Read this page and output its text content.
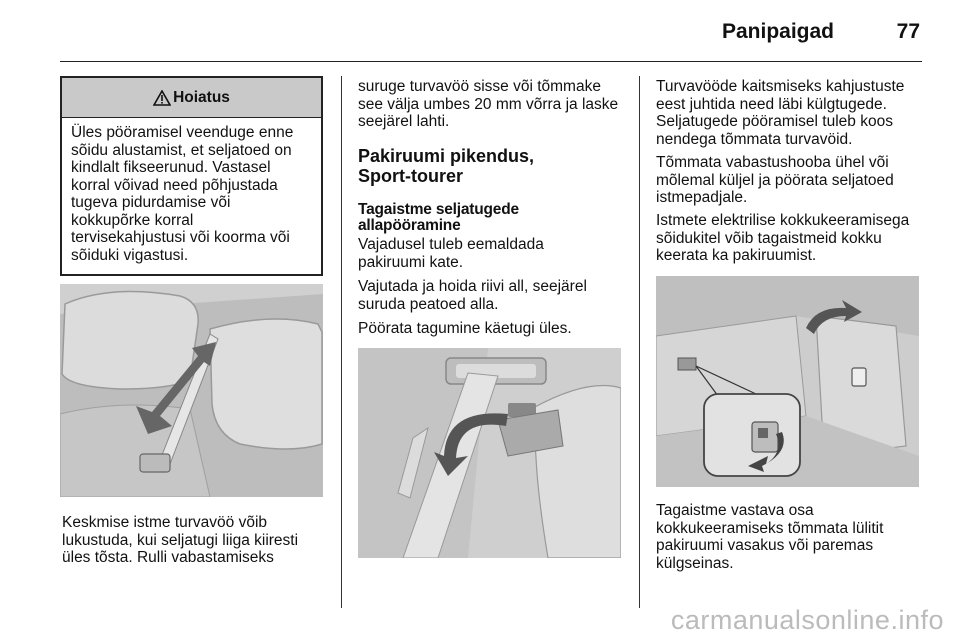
Panipaigad	77
Hoiatus
Üles pööramisel veenduge enne
sõidu alustamist, et seljatoed on
kindlalt fikseerunud. Vastasel
korral võivad need põhjustada
tugeva pidurdamise või
kokkupõrke korral
tervisekahjustusi või koorma või
sõiduki vigastusi.
Keskmise istme turvavöö võib
lukustuda, kui seljatugi liiga kiiresti
üles tõsta. Rulli vabastamiseks
suruge turvavöö sisse või tõmmake
see välja umbes 20 mm võrra ja laske
seejärel lahti.
Pakiruumi pikendus,
Sport-tourer
Tagaistme seljatugede
allapööramine
Vajadusel tuleb eemaldada
pakiruumi kate.
Vajutada ja hoida riivi all, seejärel
suruda peatoed alla.
Pöörata tagumine käetugi üles.
Turvavööde kaitsmiseks kahjustuste
eest juhtida need läbi külgtugede.
Seljatugede pööramisel tuleb koos
nendega tõmmata turvavöid.
Tõmmata vabastushooba ühel või
mõlemal küljel ja pöörata seljatoed
istmepadjale.
Istmete elektrilise kokkukeeramisega
sõidukitel võib tagaistmeid kokku
keerata ka pakiruumist.
Tagaistme vastava osa
kokkukeeramiseks tõmmata lülitit
pakiruumi vasakus või paremas
külgseinas.
carmanualsonline.info
